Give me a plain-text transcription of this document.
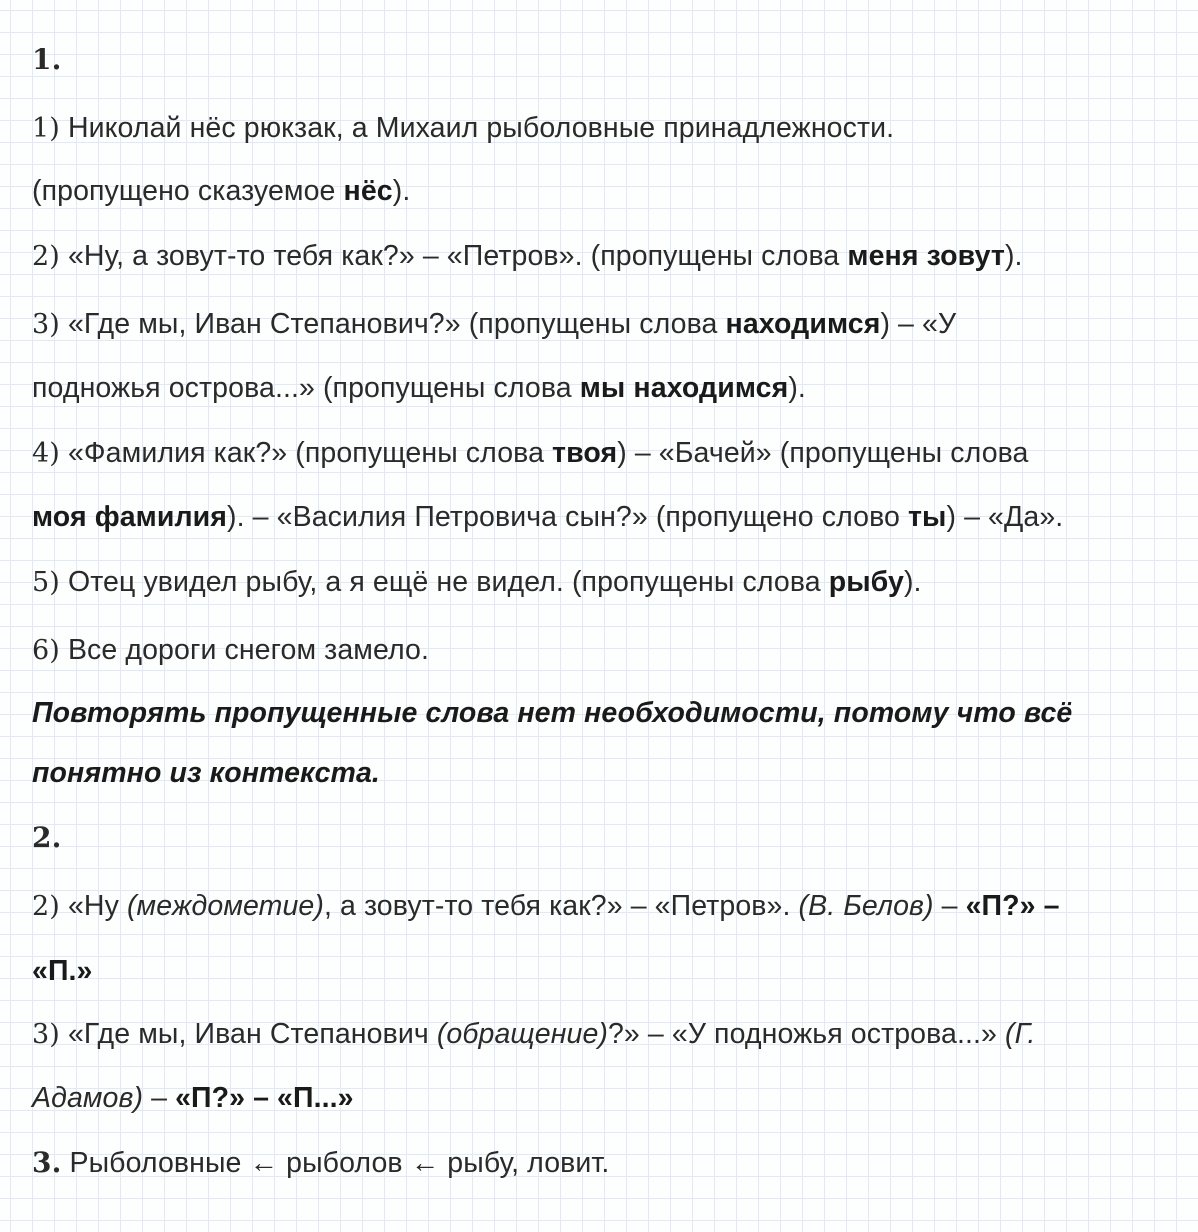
1.
1) Николай нёс рюкзак, а Михаил рыболовные принадлежности.
(пропущено сказуемое нёс).
2) «Ну, а зовут-то тебя как?» – «Петров». (пропущены слова меня зовут).
3) «Где мы, Иван Степанович?» (пропущены слова находимся) – «У
подножья острова...» (пропущены слова мы находимся).
4) «Фамилия как?» (пропущены слова твоя) – «Бачей» (пропущены слова
моя фамилия). – «Василия Петровича сын?» (пропущено слово ты) – «Да».
5) Отец увидел рыбу, а я ещё не видел. (пропущены слова рыбу).
6) Все дороги снегом замело.
Повторять пропущенные слова нет необходимости, потому что всё
понятно из контекста.
2.
2) «Ну (междометие), а зовут-то тебя как?» – «Петров». (В. Белов) – «П?» –
«П.»
3) «Где мы, Иван Степанович (обращение)?» – «У подножья острова...» (Г.
Адамов) – «П?» – «П...»
3. Рыболовные ← рыболов ← рыбу, ловит.
